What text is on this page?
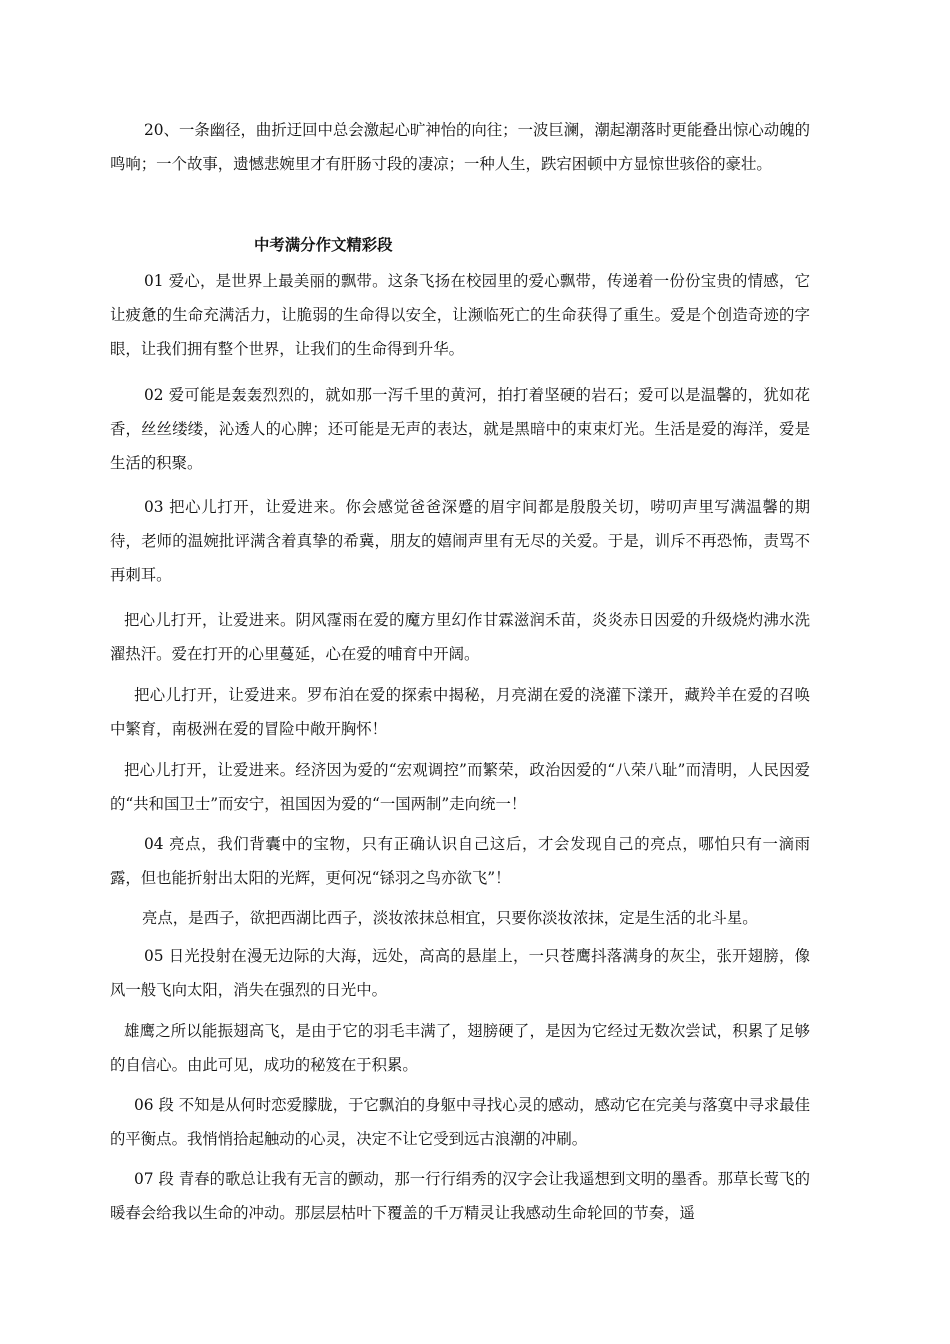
20、一条幽径，曲折迂回中总会激起心旷神怡的向往；一波巨澜，潮起潮落时更能叠出惊心动魄的鸣响；一个故事，遗憾悲婉里才有肝肠寸段的凄凉；一种人生，跌宕困顿中方显惊世骇俗的豪壮。

中考满分作文精彩段

01 爱心，是世界上最美丽的飘带。这条飞扬在校园里的爱心飘带，传递着一份份宝贵的情感，它让疲惫的生命充满活力，让脆弱的生命得以安全，让濒临死亡的生命获得了重生。爱是个创造奇迹的字眼，让我们拥有整个世界，让我们的生命得到升华。

02 爱可能是轰轰烈烈的，就如那一泻千里的黄河，拍打着坚硬的岩石；爱可以是温馨的，犹如花香，丝丝缕缕，沁透人的心脾；还可能是无声的表达，就是黑暗中的束束灯光。生活是爱的海洋，爱是生活的积聚。

03 把心儿打开，让爱进来。你会感觉爸爸深蹙的眉宇间都是殷殷关切，唠叨声里写满温馨的期待，老师的温婉批评满含着真挚的希冀，朋友的嬉闹声里有无尽的关爱。于是，训斥不再恐怖，责骂不再刺耳。

把心儿打开，让爱进来。阴风霪雨在爱的魔方里幻作甘霖滋润禾苗，炎炎赤日因爱的升级烧灼沸水洗濯热汗。爱在打开的心里蔓延，心在爱的哺育中开阔。

把心儿打开，让爱进来。罗布泊在爱的探索中揭秘，月亮湖在爱的浇灌下漾开，藏羚羊在爱的召唤中繁育，南极洲在爱的冒险中敞开胸怀！

把心儿打开，让爱进来。经济因为爱的“宏观调控”而繁荣，政治因爱的“八荣八耻”而清明，人民因爱的“共和国卫士”而安宁，祖国因为爱的“一国两制”走向统一！

04 亮点，我们背囊中的宝物，只有正确认识自己这后，才会发现自己的亮点，哪怕只有一滴雨露，但也能折射出太阳的光辉，更何况“铩羽之鸟亦欲飞”！

亮点，是西子，欲把西湖比西子，淡妆浓抹总相宜，只要你淡妆浓抹，定是生活的北斗星。

05 日光投射在漫无边际的大海，远处，高高的悬崖上，一只苍鹰抖落满身的灰尘，张开翅膀，像风一般飞向太阳，消失在强烈的日光中。

雄鹰之所以能振翅高飞，是由于它的羽毛丰满了，翅膀硬了，是因为它经过无数次尝试，积累了足够的自信心。由此可见，成功的秘笈在于积累。

06 段 不知是从何时恋爱朦胧，于它飘泊的身躯中寻找心灵的感动，感动它在完美与落寞中寻求最佳的平衡点。我悄悄拾起触动的心灵，决定不让它受到远古浪潮的冲刷。

07 段 青春的歌总让我有无言的颤动，那一行行绢秀的汉字会让我遥想到文明的墨香。那草长莺飞的暖春会给我以生命的冲动。那层层枯叶下覆盖的千万精灵让我感动生命轮回的节奏，遥
